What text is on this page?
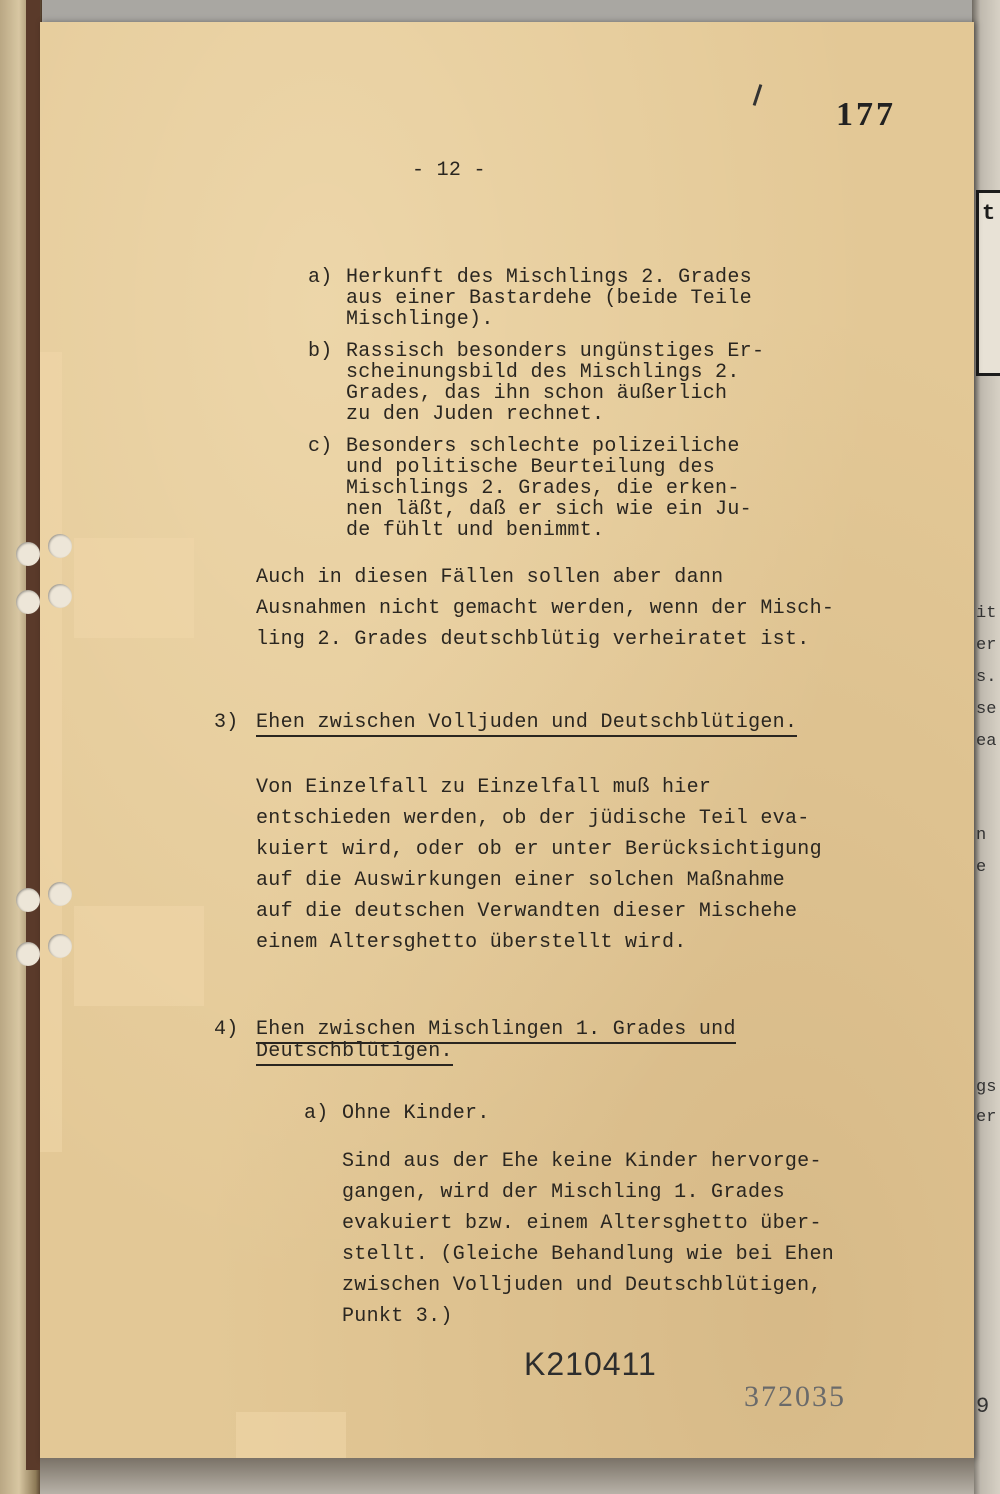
t
it
er
s.
se
ea
n
e
gs
er
9
177
- 12 -
a) Herkunft des Mischlings 2. Grades
aus einer Bastardehe (beide Teile
Mischlinge).
b) Rassisch besonders ungünstiges Er-
scheinungsbild des Mischlings 2.
Grades, das ihn schon äußerlich
zu den Juden rechnet.
c) Besonders schlechte polizeiliche
und politische Beurteilung des
Mischlings 2. Grades, die erken-
nen läßt, daß er sich wie ein Ju-
de fühlt und benimmt.
Auch in diesen Fällen sollen aber dann
Ausnahmen nicht gemacht werden, wenn der Misch-
ling 2. Grades deutschblütig verheiratet ist.
3) Ehen zwischen Volljuden und Deutschblütigen.
Von Einzelfall zu Einzelfall muß hier
entschieden werden, ob der jüdische Teil eva-
kuiert wird, oder ob er unter Berücksichtigung
auf die Auswirkungen einer solchen Maßnahme
auf die deutschen Verwandten dieser Mischehe
einem Altersghetto überstellt wird.
4) Ehen zwischen Mischlingen 1. Grades und
Deutschblütigen.
a) Ohne Kinder.
Sind aus der Ehe keine Kinder hervorge-
gangen, wird der Mischling 1. Grades
evakuiert bzw. einem Altersghetto über-
stellt. (Gleiche Behandlung wie bei Ehen
zwischen Volljuden und Deutschblütigen,
Punkt 3.)
K210411
372035
